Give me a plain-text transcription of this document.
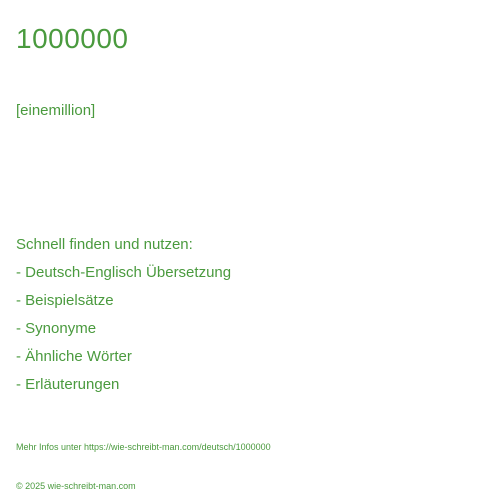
1000000
[einemillion]
Schnell finden und nutzen:
- Deutsch-Englisch Übersetzung
- Beispielsätze
- Synonyme
- Ähnliche Wörter
- Erläuterungen
Mehr Infos unter https://wie-schreibt-man.com/deutsch/1000000
© 2025 wie-schreibt-man.com
